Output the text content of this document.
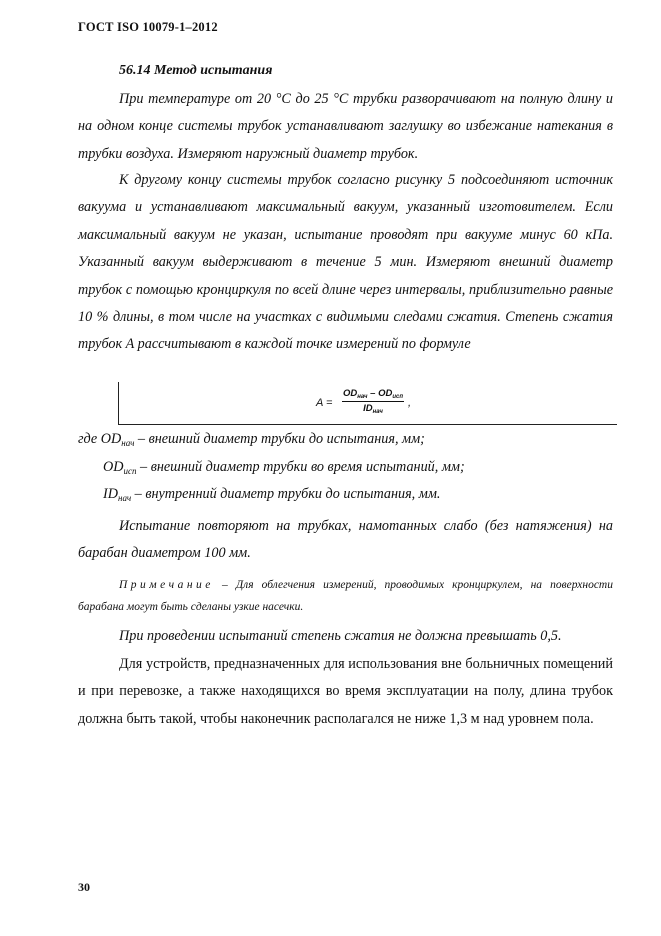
ГОСТ ISO 10079-1–2012
56.14 Метод испытания

При температуре от 20 °С до 25 °С трубки разворачивают на полную длину и на одном конце системы трубок устанавливают заглушку во избежание натекания в трубки воздуха. Измеряют наружный диаметр трубок.

К другому концу системы трубок согласно рисунку 5 подсоединяют источник вакуума и устанавливают максимальный вакуум, указанный изготовителем. Если максимальный вакуум не указан, испытание проводят при вакууме минус 60 кПа. Указанный вакуум выдерживают в течение 5 мин. Измеряют внешний диаметр трубок с помощью кронциркуля по всей длине через интервалы, приблизительно равные 10 % длины, в том числе на участках с видимыми следами сжатия. Степень сжатия трубок A рассчитывают в каждой точке измерений по формуле

A =
$OD_{нач} - OD_{исп}$
$ID_{нач}$
,
где $OD_{нач}$ – внешний диаметр трубки до испытания, мм;
$OD_{исп}$ – внешний диаметр трубки во время испытаний, мм;
$ID_{нач}$ – внутренний диаметр трубки до испытания, мм.

Испытание повторяют на трубках, намотанных слабо (без натяжения) на барабан диаметром 100 мм.

Примечание – Для облегчения измерений, проводимых кронциркулем, на поверхности барабана могут быть сделаны узкие насечки.

При проведении испытаний степень сжатия не должна превышать 0,5.

Для устройств, предназначенных для использования вне больничных помещений и при перевозке, а также находящихся во время эксплуатации на полу, длина трубок должна быть такой, чтобы наконечник располагался не ниже 1,3 м над уровнем пола.

30
